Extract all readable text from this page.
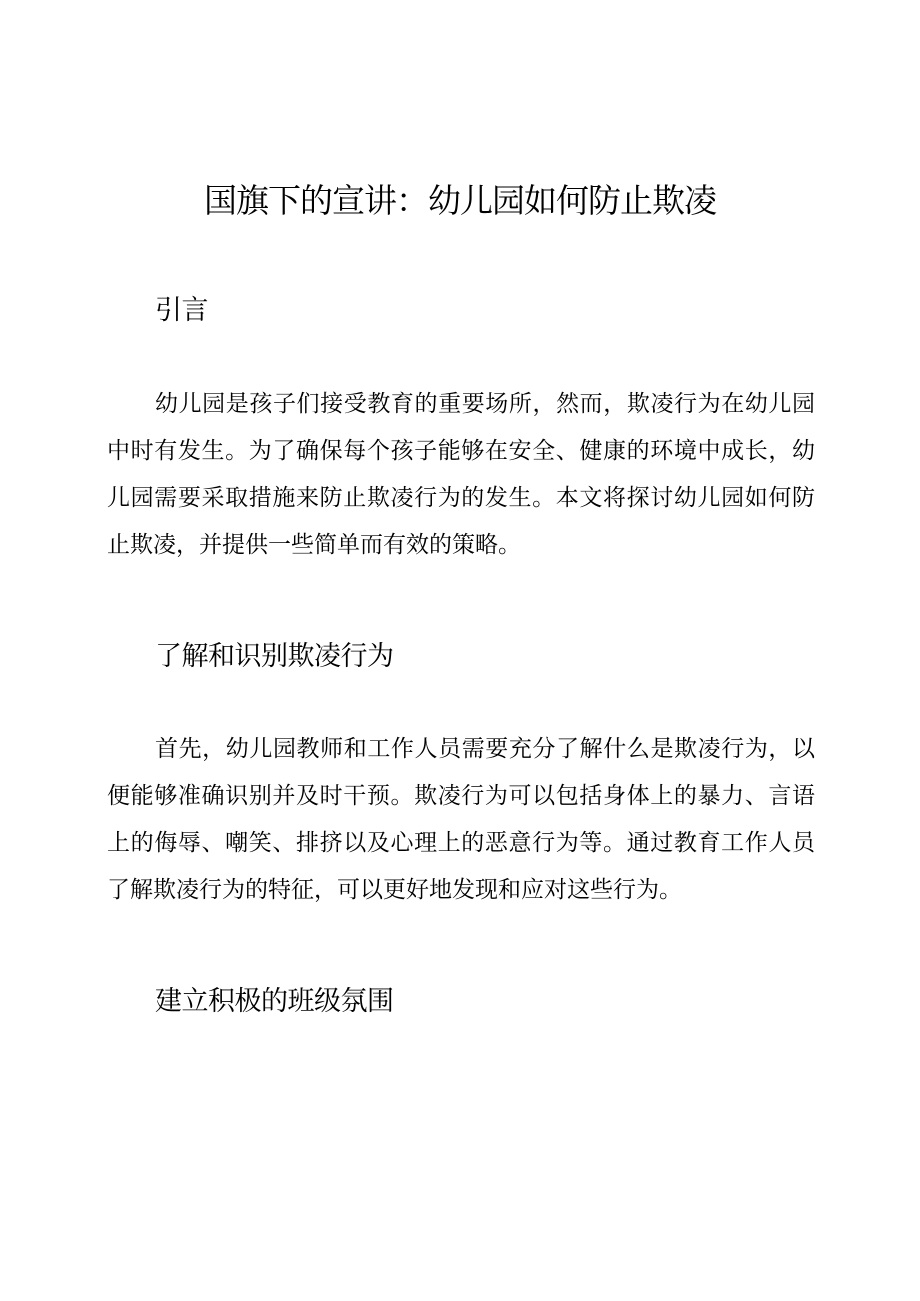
国旗下的宣讲：幼儿园如何防止欺凌
引言

幼儿园是孩子们接受教育的重要场所，然而，欺凌行为在幼儿园中时有发生。为了确保每个孩子能够在安全、健康的环境中成长，幼儿园需要采取措施来防止欺凌行为的发生。本文将探讨幼儿园如何防止欺凌，并提供一些简单而有效的策略。

了解和识别欺凌行为

首先，幼儿园教师和工作人员需要充分了解什么是欺凌行为，以便能够准确识别并及时干预。欺凌行为可以包括身体上的暴力、言语上的侮辱、嘲笑、排挤以及心理上的恶意行为等。通过教育工作人员了解欺凌行为的特征，可以更好地发现和应对这些行为。

建立积极的班级氛围
